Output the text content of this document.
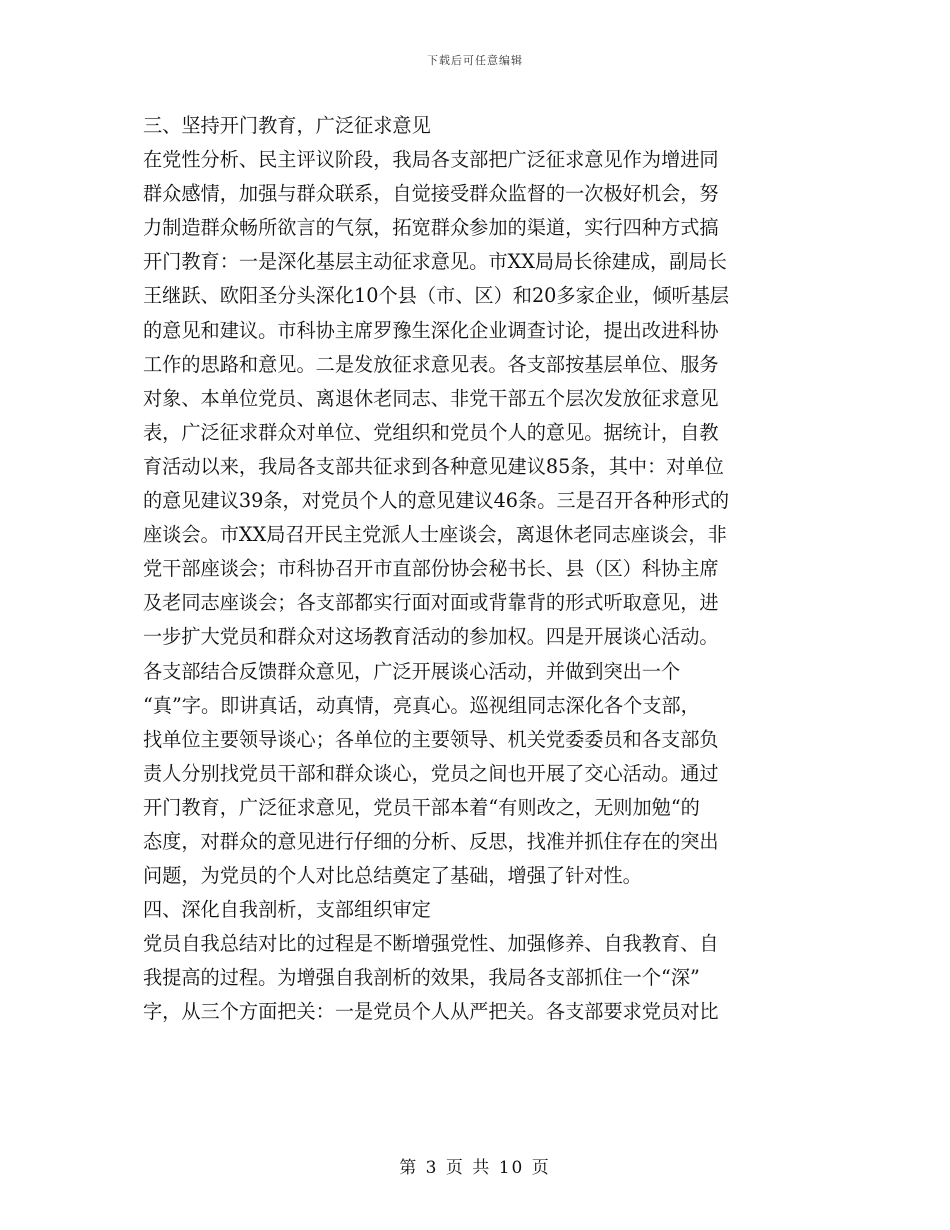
下载后可任意编辑
三、坚持开门教育，广泛征求意见
在党性分析、民主评议阶段，我局各支部把广泛征求意见作为增进同
群众感情，加强与群众联系，自觉接受群众监督的一次极好机会，努
力制造群众畅所欲言的气氛，拓宽群众参加的渠道，实行四种方式搞
开门教育：一是深化基层主动征求意见。市XX局局长徐建成，副局长
王继跃、欧阳圣分头深化10个县（市、区）和20多家企业，倾听基层
的意见和建议。市科协主席罗豫生深化企业调查讨论，提出改进科协
工作的思路和意见。二是发放征求意见表。各支部按基层单位、服务
对象、本单位党员、离退休老同志、非党干部五个层次发放征求意见
表，广泛征求群众对单位、党组织和党员个人的意见。据统计，自教
育活动以来，我局各支部共征求到各种意见建议85条，其中：对单位
的意见建议39条，对党员个人的意见建议46条。三是召开各种形式的
座谈会。市XX局召开民主党派人士座谈会，离退休老同志座谈会，非
党干部座谈会；市科协召开市直部份协会秘书长、县（区）科协主席
及老同志座谈会；各支部都实行面对面或背靠背的形式听取意见，进
一步扩大党员和群众对这场教育活动的参加权。四是开展谈心活动。
各支部结合反馈群众意见，广泛开展谈心活动，并做到突出一个
“真”字。即讲真话，动真情，亮真心。巡视组同志深化各个支部，
找单位主要领导谈心；各单位的主要领导、机关党委委员和各支部负
责人分别找党员干部和群众谈心，党员之间也开展了交心活动。通过
开门教育，广泛征求意见，党员干部本着“有则改之，无则加勉“的
态度，对群众的意见进行仔细的分析、反思，找准并抓住存在的突出
问题，为党员的个人对比总结奠定了基础，增强了针对性。
四、深化自我剖析，支部组织审定
党员自我总结对比的过程是不断增强党性、加强修养、自我教育、自
我提高的过程。为增强自我剖析的效果，我局各支部抓住一个“深”
字，从三个方面把关：一是党员个人从严把关。各支部要求党员对比
第 3 页 共 10 页
